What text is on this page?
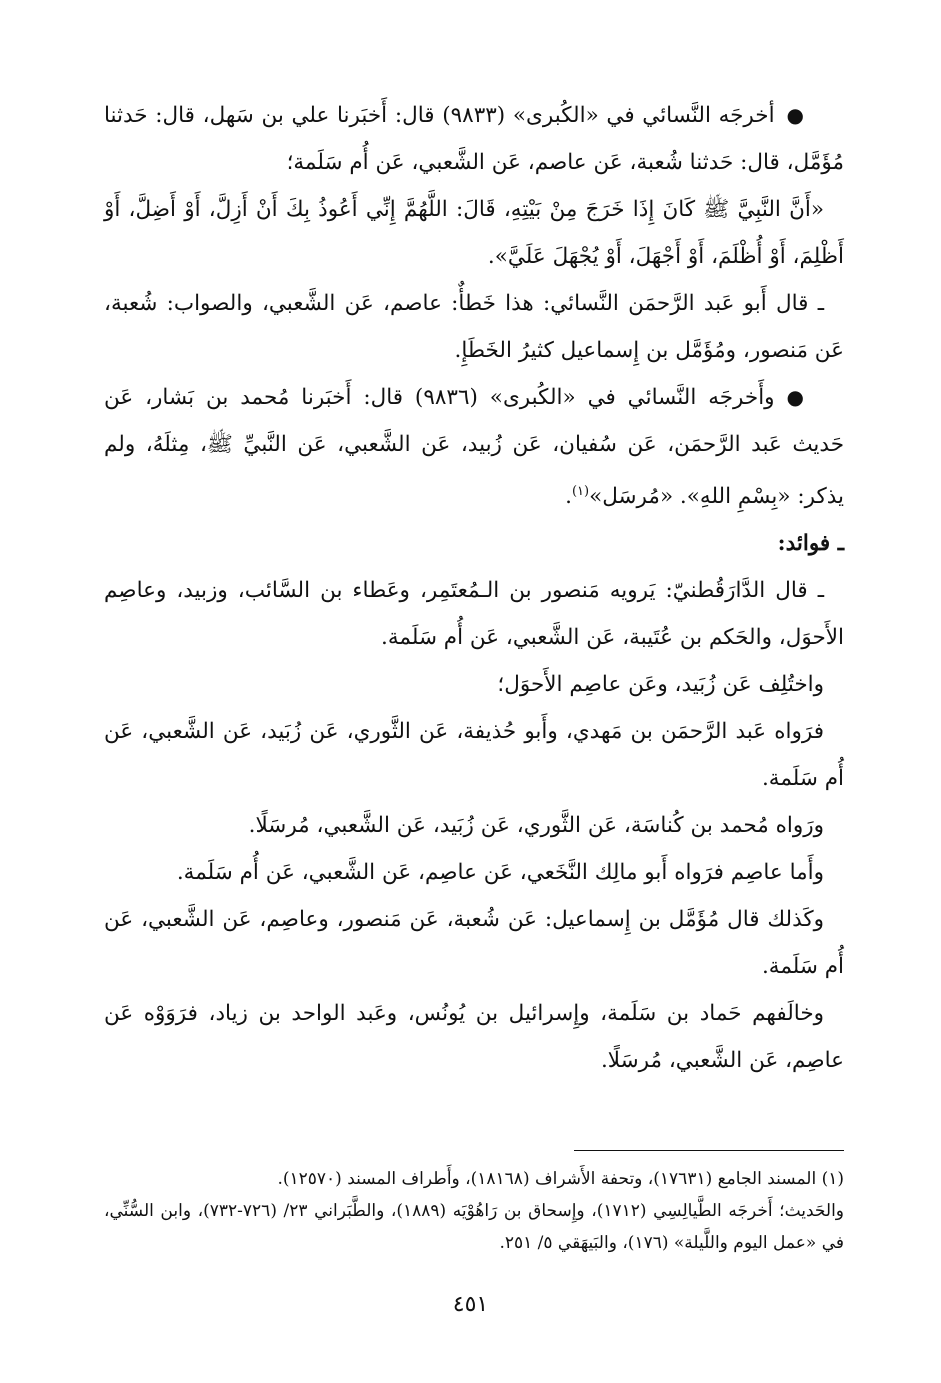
●أخرجَه النَّسائي في «الكُبرى» (٩٨٣٣) قال: أَخبَرنا علي بن سَهل، قال: حَدثنا مُؤَمَّل، قال: حَدثنا شُعبة، عَن عاصم، عَن الشَّعبي، عَن أُم سَلَمة؛

«أَنَّ النَّبِيَّ ﷺ كَانَ إِذَا خَرَجَ مِنْ بَيْتِهِ، قَالَ: اللَّهُمَّ إِنِّي أَعُوذُ بِكَ أَنْ أَزِلَّ، أَوْ أَضِلَّ، أَوْ أَظْلِمَ، أَوْ أُظْلَمَ، أَوْ أَجْهَلَ، أَوْ يُجْهَلَ عَلَيَّ».

ـ قال أَبو عَبد الرَّحمَن النَّسائي: هذا خَطأٌ: عاصم، عَن الشَّعبي، والصواب: شُعبة، عَن مَنصور، ومُؤَمَّل بن إِسماعيل كثيرُ الخَطَإِ.

●وأَخرجَه النَّسائي في «الكُبرى» (٩٨٣٦) قال: أَخبَرنا مُحمد بن بَشار، عَن حَديث عَبد الرَّحمَن، عَن سُفيان، عَن زُبيد، عَن الشَّعبي، عَن النَّبيِّ ﷺ، مِثلَهُ، ولم يذكر: «بِسْمِ اللهِ». «مُرسَل»$^{(١)}$.

ـ فوائد:

ـ قال الدَّارَقُطنيّ: يَرويه مَنصور بن الـمُعتَمِر، وعَطاء بن السَّائب، وزبيد، وعاصِم الأَحوَل، والحَكم بن عُتَيبة، عَن الشَّعبي، عَن أُم سَلَمة.

واختُلِف عَن زُبَيد، وعَن عاصِم الأَحوَل؛

فرَواه عَبد الرَّحمَن بن مَهدي، وأَبو حُذيفة، عَن الثَّوري، عَن زُبَيد، عَن الشَّعبي، عَن أُم سَلَمة.

ورَواه مُحمد بن كُناسَة، عَن الثَّوري، عَن زُبَيد، عَن الشَّعبي، مُرسَلًا.

وأَما عاصِم فرَواه أَبو مالِك النَّخَعي، عَن عاصِم، عَن الشَّعبي، عَن أُم سَلَمة.

وكَذلك قال مُؤَمَّل بن إِسماعيل: عَن شُعبة، عَن مَنصور، وعاصِم، عَن الشَّعبي، عَن أُم سَلَمة.

وخالَفهم حَماد بن سَلَمة، وإِسرائيل بن يُونُس، وعَبد الواحد بن زياد، فرَوَوْه عَن عاصِم، عَن الشَّعبي، مُرسَلًا.

(١) المسند الجامع (١٧٦٣١)، وتحفة الأَشراف (١٨١٦٨)، وأَطراف المسند (١٢٥٧٠).

والحَديث؛ أَخرجَه الطَّيالِسِي (١٧١٢)، وإِسحاق بن رَاهُوْيَه (١٨٨٩)، والطَّبَراني ٢٣/ (٧٢٦-٧٣٢)، وابن السُّنِّي، في «عمل اليوم واللَّيلة» (١٧٦)، والبَيهَقي ٥/ ٢٥١.

٤٥١
